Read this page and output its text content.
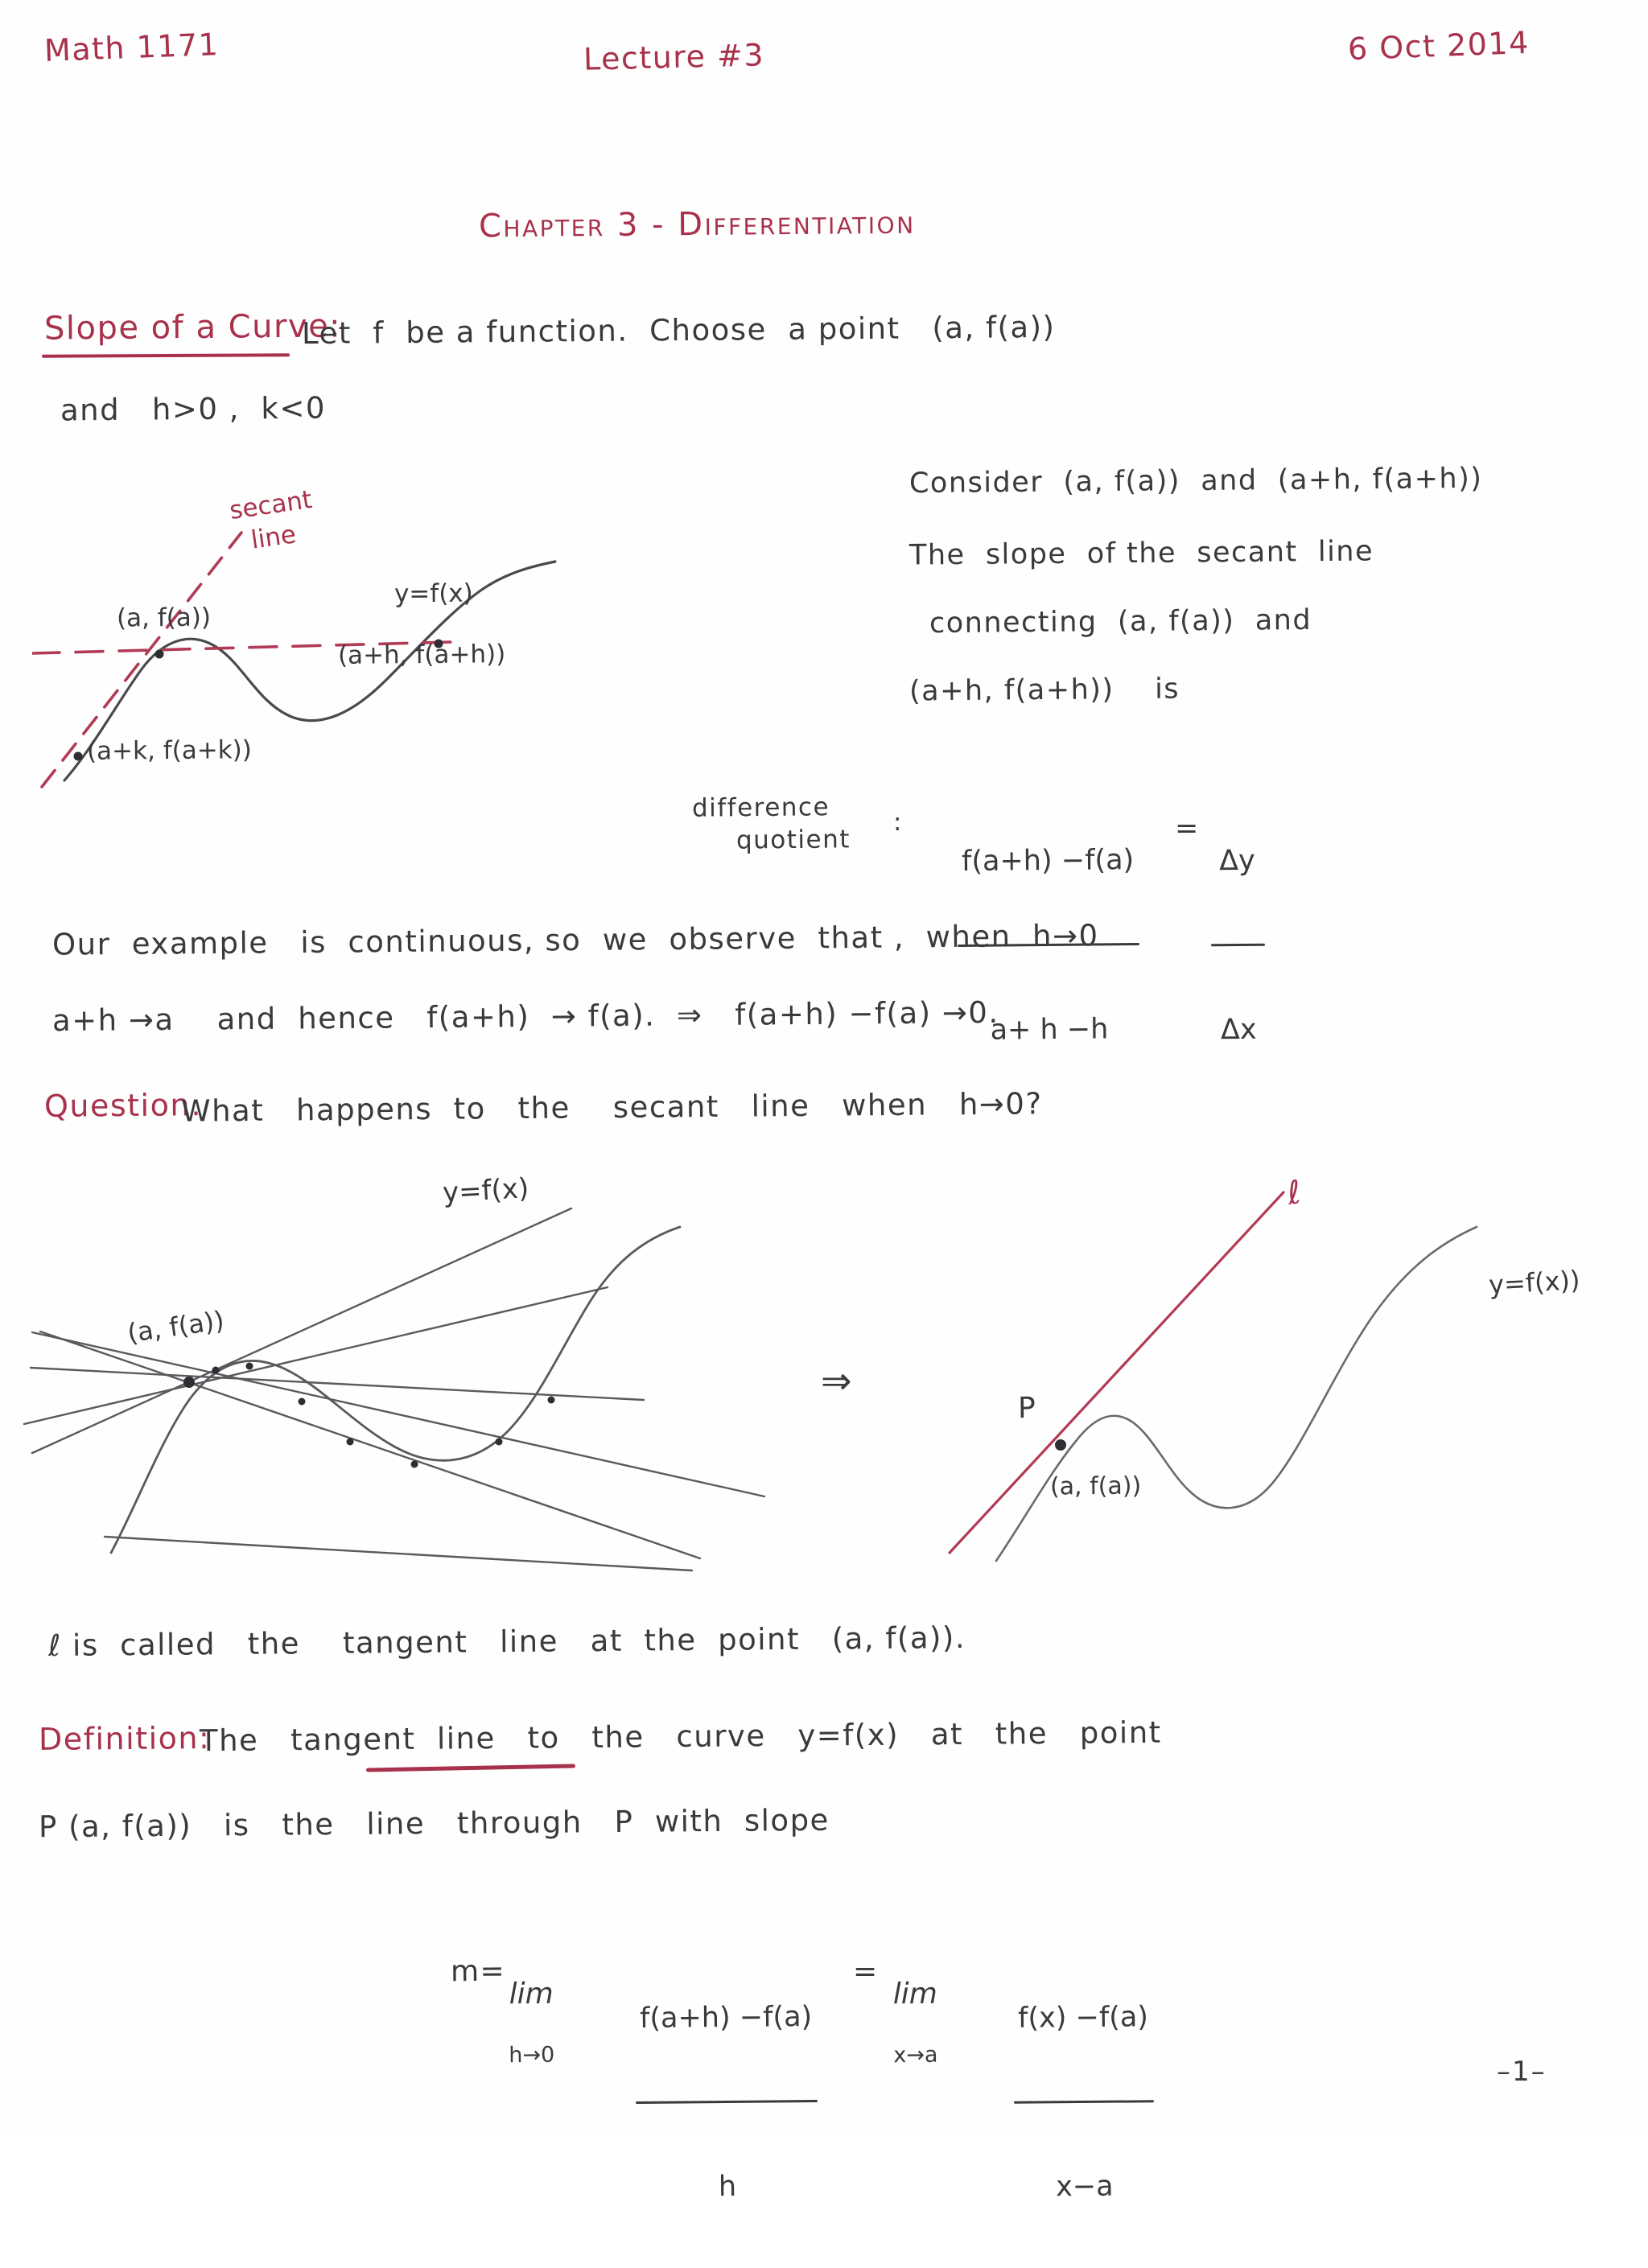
Math 1171	Lecture #3	6 Oct 2014
Chapter 3 - Differentiation
Slope of a Curve:
Let  f  be a function.  Choose  a point   (a, f(a))
and   h>0 ,  k<0
secant
line
(a, f(a))
(a+h, f(a+h))
(a+k, f(a+k))
y=f(x)
Consider  (a, f(a))  and  (a+h, f(a+h))
The  slope  of the  secant  line
connecting  (a, f(a))  and
(a+h, f(a+h))    is
difference
quotient
:

f(a+h) −f(a)

a+ h −h

=

Δy

Δx

Our  example   is  continuous, so  we  observe  that ,  when  h→0
a+h →a    and  hence   f(a+h)  → f(a).  ⇒   f(a+h) −f(a) →0.
Question:
What   happens  to   the    secant   line   when   h→0?
(a, f(a))
y=f(x)
⇒
ℓ
P
(a, f(a))
y=f(x))
ℓ is  called   the    tangent   line   at  the  point   (a, f(a)).
Definition:
The   tangent  line   to   the   curve   y=f(x)   at   the   point
P (a, f(a))   is   the   line   through   P  with  slope
m=

lim

h→0

f(a+h) −f(a)

h

=

lim

x→a

f(x) −f(a)

x−a

–1–
